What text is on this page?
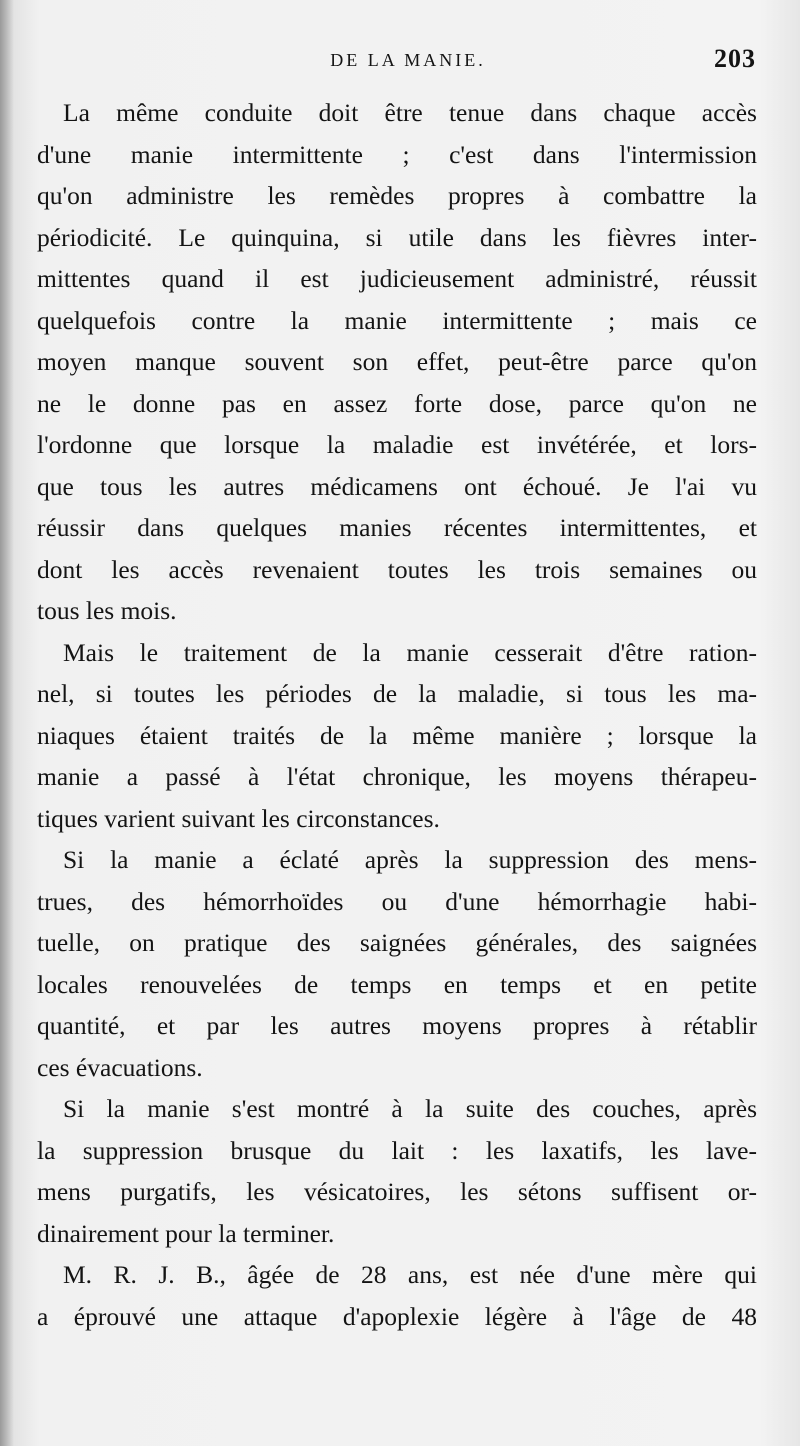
DE LA MANIE.	203
La même conduite doit être tenue dans chaque accès
d'une manie intermittente ; c'est dans l'intermission
qu'on administre les remèdes propres à combattre la
périodicité. Le quinquina, si utile dans les fièvres inter-
mittentes quand il est judicieusement administré, réussit
quelquefois contre la manie intermittente ; mais ce
moyen manque souvent son effet, peut-être parce qu'on
ne le donne pas en assez forte dose, parce qu'on ne
l'ordonne que lorsque la maladie est invétérée, et lors-
que tous les autres médicamens ont échoué. Je l'ai vu
réussir dans quelques manies récentes intermittentes, et
dont les accès revenaient toutes les trois semaines ou
tous les mois.
Mais le traitement de la manie cesserait d'être ration-
nel, si toutes les périodes de la maladie, si tous les ma-
niaques étaient traités de la même manière ; lorsque la
manie a passé à l'état chronique, les moyens thérapeu-
tiques varient suivant les circonstances.
Si la manie a éclaté après la suppression des mens-
trues, des hémorrhoïdes ou d'une hémorrhagie habi-
tuelle, on pratique des saignées générales, des saignées
locales renouvelées de temps en temps et en petite
quantité, et par les autres moyens propres à rétablir
ces évacuations.
Si la manie s'est montré à la suite des couches, après
la suppression brusque du lait : les laxatifs, les lave-
mens purgatifs, les vésicatoires, les sétons suffisent or-
dinairement pour la terminer.
M. R. J. B., âgée de 28 ans, est née d'une mère qui
a éprouvé une attaque d'apoplexie légère à l'âge de 48
